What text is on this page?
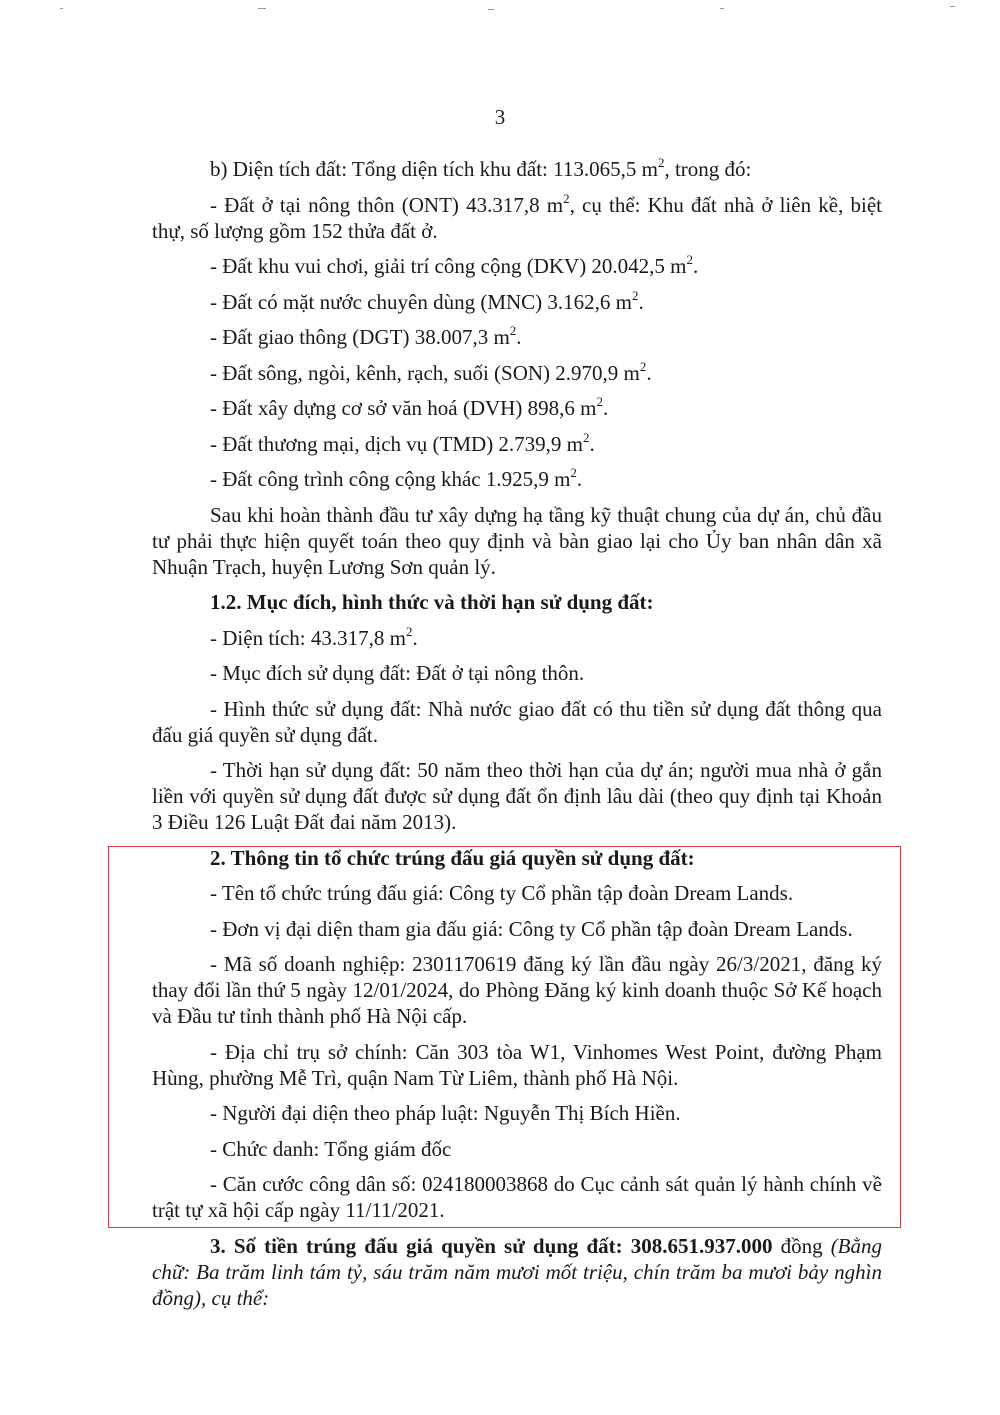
3

b) Diện tích đất: Tổng diện tích khu đất: 113.065,5 $m^2$, trong đó:

- Đất ở tại nông thôn (ONT) 43.317,8 $m^2$, cụ thể: Khu đất nhà ở liên kề, biệt thự, số lượng gồm 152 thửa đất ở.

- Đất khu vui chơi, giải trí công cộng (DKV) 20.042,5 $m^2$.

- Đất có mặt nước chuyên dùng (MNC) 3.162,6 $m^2$.

- Đất giao thông (DGT) 38.007,3 $m^2$.

- Đất sông, ngòi, kênh, rạch, suối (SON) 2.970,9 $m^2$.

- Đất xây dựng cơ sở văn hoá (DVH) 898,6 $m^2$.

- Đất thương mại, dịch vụ (TMD) 2.739,9 $m^2$.

- Đất công trình công cộng khác 1.925,9 $m^2$.

Sau khi hoàn thành đầu tư xây dựng hạ tầng kỹ thuật chung của dự án, chủ đầu tư phải thực hiện quyết toán theo quy định và bàn giao lại cho Ủy ban nhân dân xã Nhuận Trạch, huyện Lương Sơn quản lý.

1.2. Mục đích, hình thức và thời hạn sử dụng đất:

- Diện tích: 43.317,8 $m^2$.

- Mục đích sử dụng đất: Đất ở tại nông thôn.

- Hình thức sử dụng đất: Nhà nước giao đất có thu tiền sử dụng đất thông qua đấu giá quyền sử dụng đất.

- Thời hạn sử dụng đất: 50 năm theo thời hạn của dự án; người mua nhà ở gắn liền với quyền sử dụng đất được sử dụng đất ổn định lâu dài (theo quy định tại Khoản 3 Điều 126 Luật Đất đai năm 2013).

2. Thông tin tổ chức trúng đấu giá quyền sử dụng đất:

- Tên tổ chức trúng đấu giá: Công ty Cổ phần tập đoàn Dream Lands.

- Đơn vị đại diện tham gia đấu giá: Công ty Cổ phần tập đoàn Dream Lands.

- Mã số doanh nghiệp: 2301170619 đăng ký lần đầu ngày 26/3/2021, đăng ký thay đổi lần thứ 5 ngày 12/01/2024, do Phòng Đăng ký kinh doanh thuộc Sở Kế hoạch và Đầu tư tỉnh thành phố Hà Nội cấp.

- Địa chỉ trụ sở chính: Căn 303 tòa W1, Vinhomes West Point, đường Phạm Hùng, phường Mễ Trì, quận Nam Từ Liêm, thành phố Hà Nội.

- Người đại diện theo pháp luật: Nguyễn Thị Bích Hiền.

- Chức danh: Tổng giám đốc

- Căn cước công dân số: 024180003868 do Cục cảnh sát quản lý hành chính về trật tự xã hội cấp ngày 11/11/2021.

3. Số tiền trúng đấu giá quyền sử dụng đất: 308.651.937.000 đồng (Bằng chữ: Ba trăm linh tám tỷ, sáu trăm năm mươi mốt triệu, chín trăm ba mươi bảy nghìn đồng), cụ thể:
